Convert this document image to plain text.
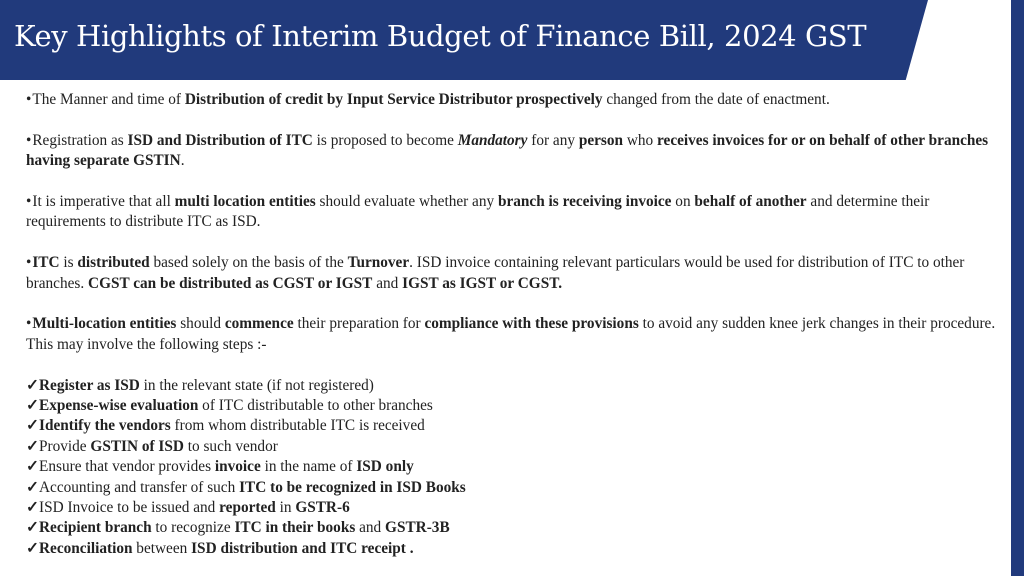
Key Highlights of Interim Budget of Finance Bill, 2024 GST

•The Manner and time of Distribution of credit by Input Service Distributor prospectively changed from the date of enactment.

•Registration as ISD and Distribution of ITC is proposed to become Mandatory for any person who receives invoices for or on behalf of other branches having separate GSTIN.

•It is imperative that all multi location entities should evaluate whether any branch is receiving invoice on behalf of another and determine their requirements to distribute ITC as ISD.

•ITC is distributed based solely on the basis of the Turnover. ISD invoice containing relevant particulars would be used for distribution of ITC to other branches. CGST can be distributed as CGST or IGST and IGST as IGST or CGST.

•Multi-location entities should commence their preparation for compliance with these provisions to avoid any sudden knee jerk changes in their procedure. This may involve the following steps :-

✓Register as ISD in the relevant state (if not registered)

✓Expense-wise evaluation of ITC distributable to other branches

✓Identify the vendors from whom distributable ITC is received

✓Provide GSTIN of ISD to such vendor

✓Ensure that vendor provides invoice in the name of ISD only

✓Accounting and transfer of such ITC to be recognized in ISD Books

✓ISD Invoice to be issued and reported in GSTR-6

✓Recipient branch to recognize ITC in their books and GSTR-3B

✓Reconciliation between ISD distribution and ITC receipt .
